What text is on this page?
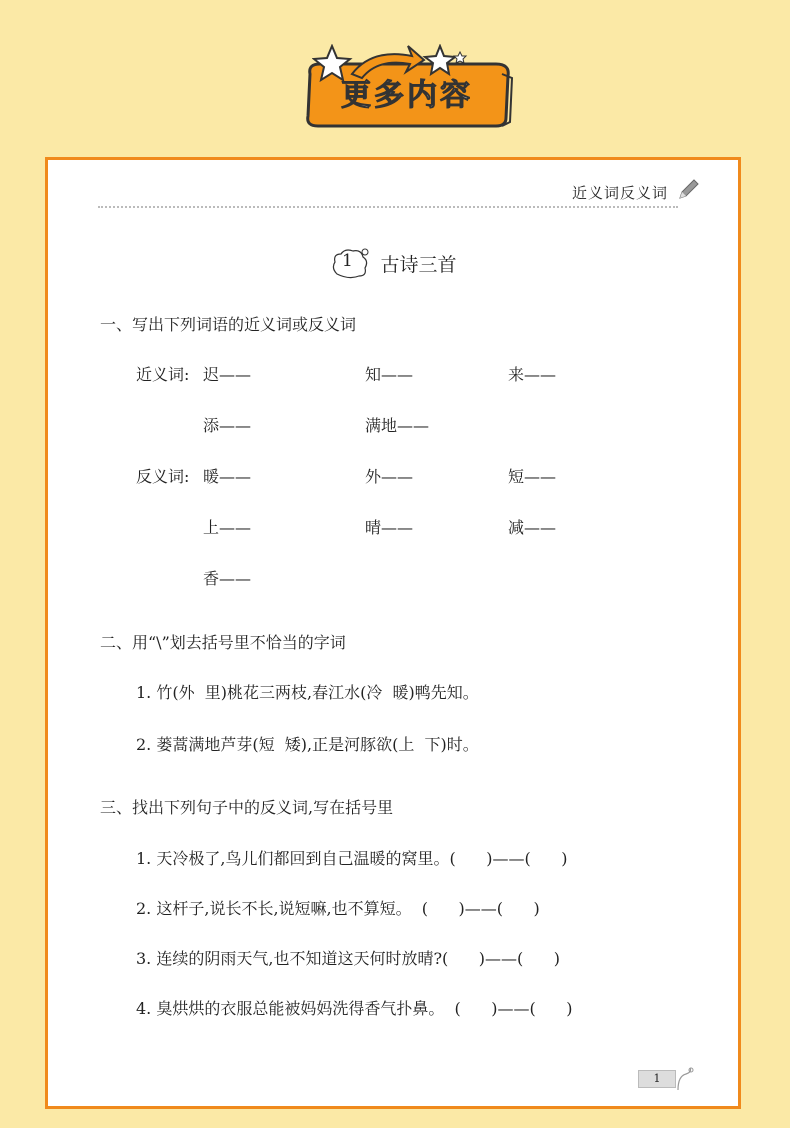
更多内容
近义词反义词
1	古诗三首
一、写出下列词语的近义词或反义词
近义词: 迟——	知——	来——
添——	满地——
反义词: 暖——	外——	短——
上——	晴——	减——
香——
二、用“\”划去括号里不恰当的字词
1. 竹(外  里)桃花三两枝,春江水(冷  暖)鸭先知。
2. 蒌蒿满地芦芽(短  矮),正是河豚欲(上  下)时。
三、找出下列句子中的反义词,写在括号里
1. 天冷极了,鸟儿们都回到自己温暖的窝里。(      )——(      )
2. 这杆子,说长不长,说短嘛,也不算短。  (      )——(      )
3. 连续的阴雨天气,也不知道这天何时放晴?(      )——(      )
4. 臭烘烘的衣服总能被妈妈洗得香气扑鼻。  (      )——(      )
1
